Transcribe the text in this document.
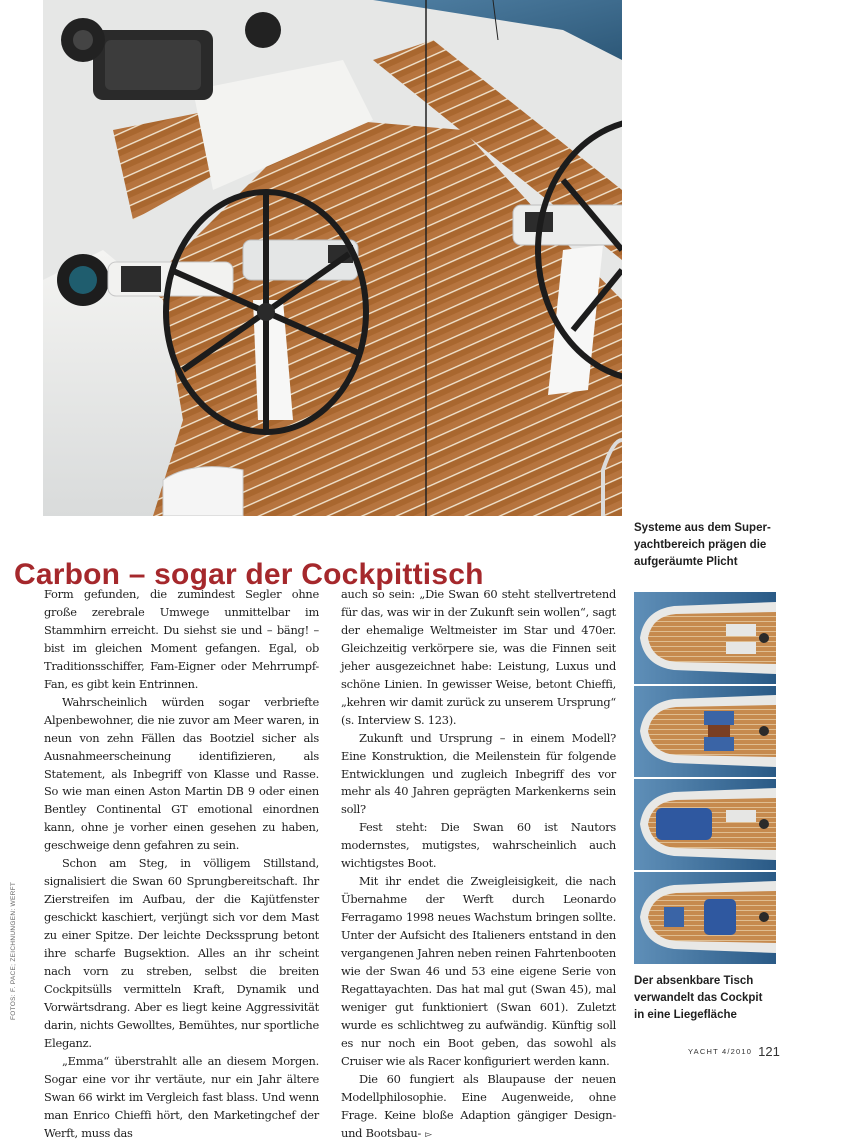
Systeme aus dem Super-
yachtbereich prägen die
aufgeräumte Plicht
Carbon – sogar der Cockpittisch
FOTOS: F. PACE; ZEICHNUNGEN: WERFT

Form gefunden, die zumindest Segler ohne große zerebrale Umwege unmittelbar im Stammhirn erreicht. Du siehst sie und – bäng! – bist im gleichen Moment gefangen. Egal, ob Traditionsschiffer, Fam-Eigner oder Mehrrumpf-Fan, es gibt kein Entrinnen.

Wahrscheinlich würden sogar verbriefte Alpenbewohner, die nie zuvor am Meer waren, in neun von zehn Fällen das Bootziel sicher als Ausnahmeerscheinung identifizieren, als Statement, als Inbegriff von Klasse und Rasse. So wie man einen Aston Martin DB 9 oder einen Bentley Continental GT emotional einordnen kann, ohne je vorher einen gesehen zu haben, geschweige denn gefahren zu sein.

Schon am Steg, in völligem Stillstand, signalisiert die Swan 60 Sprungbereitschaft. Ihr Zierstreifen im Aufbau, der die Kajütfenster geschickt kaschiert, verjüngt sich vor dem Mast zu einer Spitze. Der leichte Deckssprung betont ihre scharfe Bugsektion. Alles an ihr scheint nach vorn zu streben, selbst die breiten Cockpitsülls vermitteln Kraft, Dynamik und Vorwärtsdrang. Aber es liegt keine Aggressivität darin, nichts Gewolltes, Bemühtes, nur sportliche Eleganz.

„Emma“ überstrahlt alle an diesem Morgen. Sogar eine vor ihr vertäute, nur ein Jahr ältere Swan 66 wirkt im Vergleich fast blass. Und wenn man Enrico Chieffi hört, den Marketingchef der Werft, muss das

auch so sein: „Die Swan 60 steht stellvertretend für das, was wir in der Zukunft sein wollen“, sagt der ehemalige Weltmeister im Star und 470er. Gleichzeitig verkörpere sie, was die Finnen seit jeher ausgezeichnet habe: Leistung, Luxus und schöne Linien. In gewisser Weise, betont Chieffi, „kehren wir damit zurück zu unserem Ursprung“ (s. Interview S. 123).

Zukunft und Ursprung – in einem Modell? Eine Konstruktion, die Meilenstein für folgende Entwicklungen und zugleich Inbegriff des vor mehr als 40 Jahren geprägten Markenkerns sein soll?

Fest steht: Die Swan 60 ist Nautors modernstes, mutigstes, wahrscheinlich auch wichtigstes Boot.

Mit ihr endet die Zweigleisigkeit, die nach Übernahme der Werft durch Leonardo Ferragamo 1998 neues Wachstum bringen sollte. Unter der Aufsicht des Italieners entstand in den vergangenen Jahren neben reinen Fahrtenbooten wie der Swan 46 und 53 eine eigene Serie von Regattayachten. Das hat mal gut (Swan 45), mal weniger gut funktioniert (Swan 601). Zuletzt wurde es schlichtweg zu aufwändig. Künftig soll es nur noch ein Boot geben, das sowohl als Cruiser wie als Racer konfiguriert werden kann.

Die 60 fungiert als Blaupause der neuen Modellphilosophie. Eine Augenweide, ohne Frage. Keine bloße Adaption gängiger Design- und Bootsbau- ▻

Der absenkbare Tisch
verwandelt das Cockpit
in eine Liegefläche
YACHT 4/2010 121
